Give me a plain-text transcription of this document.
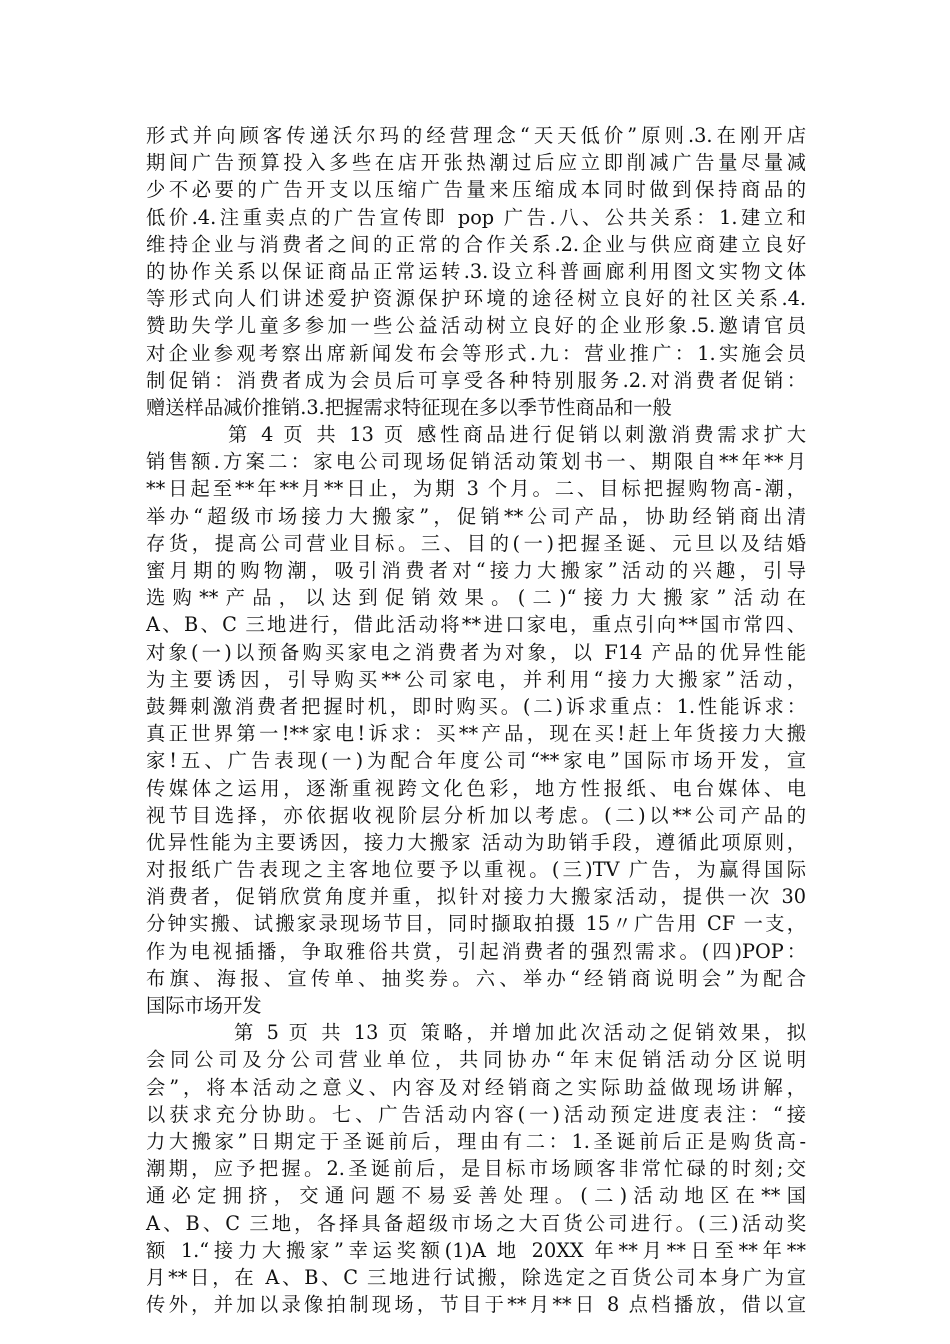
形式并向顾客传递沃尔玛的经营理念“天天低价”原则.3.在刚开店
期间广告预算投入多些在店开张热潮过后应立即削减广告量尽量减
少不必要的广告开支以压缩广告量来压缩成本同时做到保持商品的
低价.4.注重卖点的广告宣传即 pop 广告.八、公共关系：1.建立和
维持企业与消费者之间的正常的合作关系.2.企业与供应商建立良好
的协作关系以保证商品正常运转.3.设立科普画廊利用图文实物文体
等形式向人们讲述爱护资源保护环境的途径树立良好的社区关系.4.
赞助失学儿童多参加一些公益活动树立良好的企业形象.5.邀请官员
对企业参观考察出席新闻发布会等形式.九：营业推广：1.实施会员
制促销：消费者成为会员后可享受各种特别服务.2.对消费者促销：
赠送样品减价推销.3.把握需求特征现在多以季节性商品和一般
第 4 页 共 13 页 感性商品进行促销以刺激消费需求扩大
销售额.方案二：家电公司现场促销活动策划书一、期限自**年**月
**日起至**年**月**日止，为期 3 个月。二、目标把握购物高-潮，
举办“超级市场接力大搬家”，促销**公司产品，协助经销商出清
存货，提高公司营业目标。三、目的(一)把握圣诞、元旦以及结婚
蜜月期的购物潮，吸引消费者对“接力大搬家”活动的兴趣，引导
选购**产品，以达到促销效果。(二)“接力大搬家”活动在
A、B、C 三地进行，借此活动将**进口家电，重点引向**国市常四、
对象(一)以预备购买家电之消费者为对象，以 F14 产品的优异性能
为主要诱因，引导购买**公司家电，并利用“接力大搬家”活动，
鼓舞刺激消费者把握时机，即时购买。(二)诉求重点：1.性能诉求：
真正世界第一!**家电!诉求：买**产品，现在买!赶上年货接力大搬
家!五、广告表现(一)为配合年度公司“**家电”国际市场开发，宣
传媒体之运用，逐渐重视跨文化色彩，地方性报纸、电台媒体、电
视节目选择，亦依据收视阶层分析加以考虑。(二)以**公司产品的
优异性能为主要诱因，接力大搬家 活动为助销手段，遵循此项原则，
对报纸广告表现之主客地位要予以重视。(三)TV 广告，为赢得国际
消费者，促销欣赏角度并重，拟针对接力大搬家活动，提供一次 30
分钟实搬、试搬家录现场节目，同时撷取拍摄 15〃广告用 CF 一支，
作为电视插播，争取雅俗共赏，引起消费者的强烈需求。(四)POP：
布旗、海报、宣传单、抽奖券。六、举办“经销商说明会”为配合
国际市场开发
第 5 页 共 13 页 策略，并增加此次活动之促销效果，拟
会同公司及分公司营业单位，共同协办“年末促销活动分区说明
会”，将本活动之意义、内容及对经销商之实际助益做现场讲解，
以获求充分协助。七、广告活动内容(一)活动预定进度表注：“接
力大搬家”日期定于圣诞前后，理由有二：1.圣诞前后正是购货高-
潮期，应予把握。2.圣诞前后，是目标市场顾客非常忙碌的时刻;交
通必定拥挤，交通问题不易妥善处理。(二)活动地区在**国
A、B、C 三地，各择具备超级市场之大百货公司进行。(三)活动奖
额 1.“接力大搬家”幸运奖额(1)A 地 20XX 年**月**日至**年**
月**日，在 A、B、C 三地进行试搬，除选定之百货公司本身广为宣
传外，并加以录像拍制现场，节目于**月**日 8 点档播放，借以宣
